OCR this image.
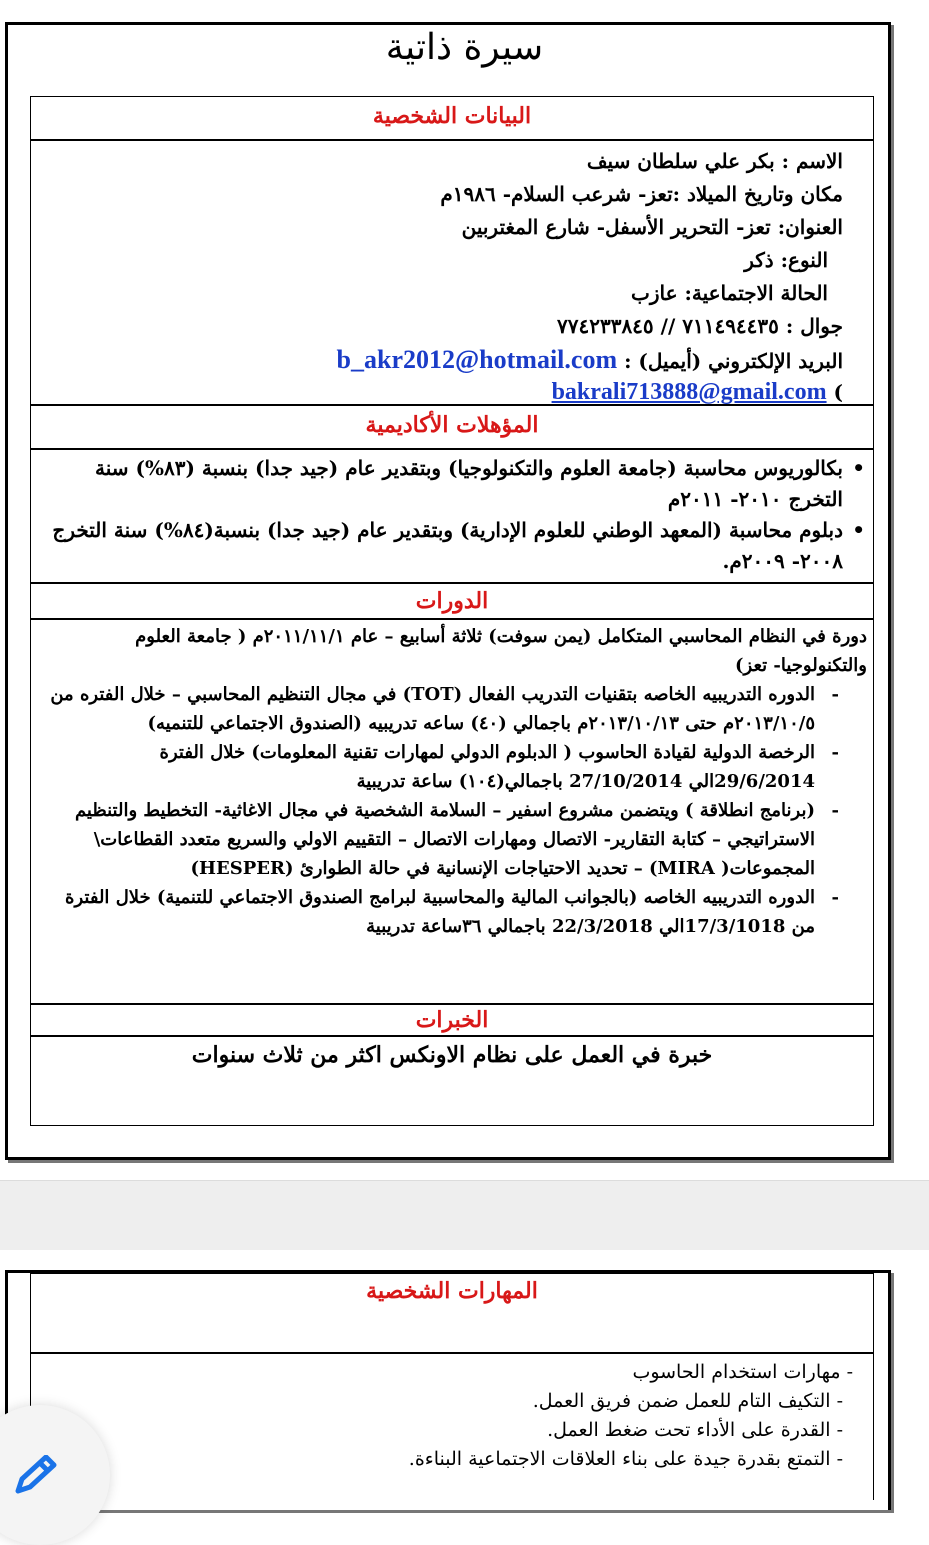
سيرة ذاتية
البيانات الشخصية
الاسم : بكر علي سلطان سيف
مكان وتاريخ الميلاد :تعز- شرعب السلام- ١٩٨٦م
العنوان: تعز- التحرير الأسفل- شارع المغتربين
النوع: ذكر
الحالة الاجتماعية: عازب
جوال : ٧١١٤٩٤٤٣٥ // ٧٧٤٢٣٣٨٤٥
البريد الإلكتروني (أيميل) : b_akr2012@hotmail.com
) bakrali713888@gmail.com
المؤهلات الأكاديمية
•
بكالوريوس محاسبة (جامعة العلوم والتكنولوجيا) وبتقدير عام (جيد جدا) بنسبة (٨٣%) سنة التخرج ٢٠١٠- ٢٠١١م
•
دبلوم محاسبة (المعهد الوطني للعلوم الإدارية) وبتقدير عام (جيد جدا) بنسبة(٨٤%) سنة التخرج ٢٠٠٨- ٢٠٠٩م.
الدورات
دورة في النظام المحاسبي المتكامل (يمن سوفت) ثلاثة أسابيع – عام ٢٠١١/١١/١م ( جامعة العلوم والتكنولوجيا- تعز)
-
الدوره التدريبيه الخاصه بتقنيات التدريب الفعال (TOT) في مجال التنظيم المحاسبي – خلال الفتره من ٢٠١٣/١٠/٥م حتى ٢٠١٣/١٠/١٣م باجمالي (٤٠) ساعه تدريبيه (الصندوق الاجتماعي للتنميه)
-
الرخصة الدولية لقيادة الحاسوب ( الدبلوم الدولي لمهارات تقنية المعلومات) خلال الفترة 29/6/2014الي 27/10/2014 باجمالي(١٠٤) ساعة تدريبية
-
(برنامج انطلاقة ) ويتضمن مشروع اسفير – السلامة الشخصية في مجال الاغاثية- التخطيط والتنظيم الاستراتيجي – كتابة التقارير- الاتصال ومهارات الاتصال – التقييم الاولي والسريع متعدد القطاعات\ المجموعات( MIRA) – تحديد الاحتياجات الإنسانية في حالة الطوارئ (HESPER)
-
الدوره التدريبيه الخاصه (بالجوانب المالية والمحاسبية لبرامج الصندوق الاجتماعي للتنمية) خلال الفترة من 17/3/1018الي 22/3/2018 باجمالي ٣٦ساعة تدريبية
الخبرات
خبرة في العمل على نظام الاونكس اكثر من ثلاث سنوات
المهارات الشخصية
- مهارات استخدام الحاسوب
- التكيف التام للعمل ضمن فريق العمل.
- القدرة على الأداء تحت ضغط العمل.
- التمتع بقدرة جيدة على بناء العلاقات الاجتماعية البناءة.
